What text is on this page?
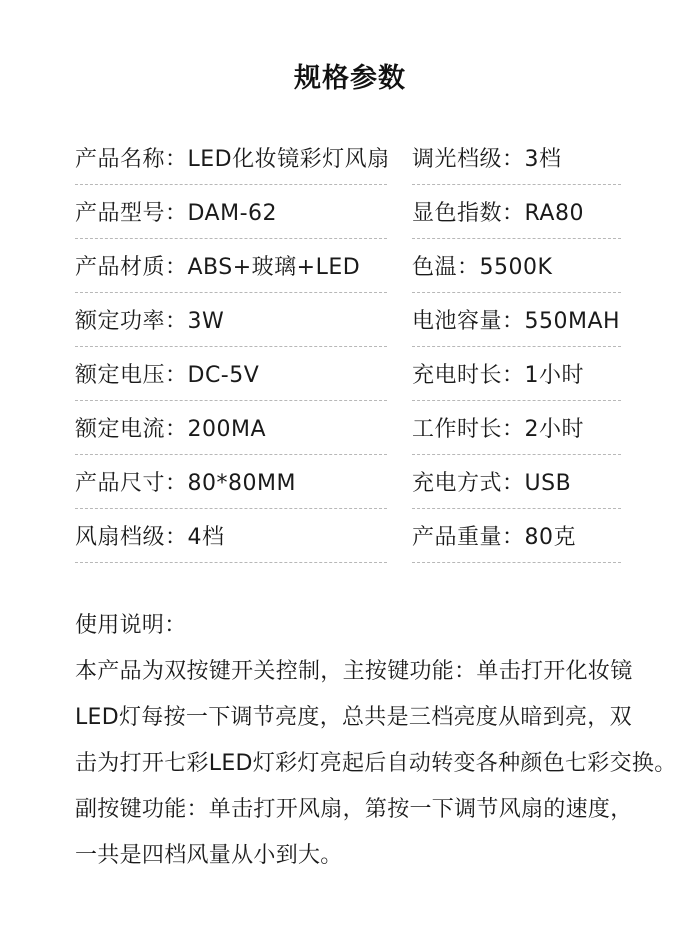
规格参数
产品名称：LED化妆镜彩灯风扇 调光档级：3档
产品型号：DAM-62	显色指数：RA80
产品材质：ABS+玻璃+LED 色温：5500K
额定功率：3W	电池容量：550MAH
额定电压：DC-5V	充电时长：1小时
额定电流：200MA	工作时长：2小时
产品尺寸：80*80MM	充电方式：USB
风扇档级：4档	产品重量：80克
使用说明：
本产品为双按键开关控制，主按键功能：单击打开化妆镜
LED灯每按一下调节亮度，总共是三档亮度从暗到亮，双
击为打开七彩LED灯彩灯亮起后自动转变各种颜色七彩交换。
副按键功能：单击打开风扇，第按一下调节风扇的速度，
一共是四档风量从小到大。
